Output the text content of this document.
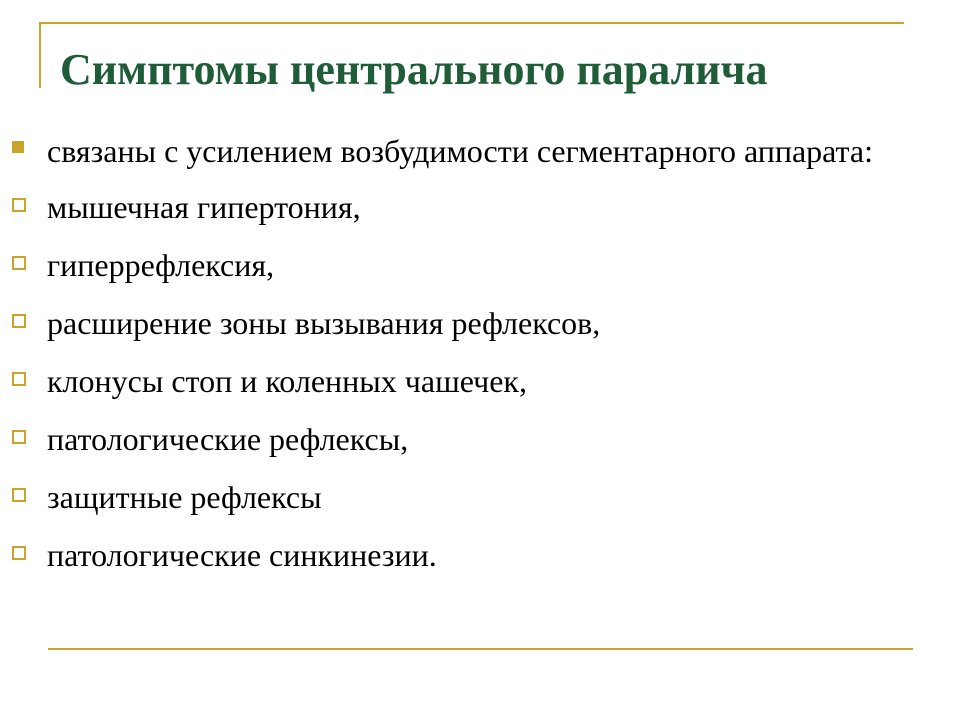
Симптомы центрального паралича
связаны с усилением возбудимости сегментарного аппарата:
мышечная гипертония,
гиперрефлексия,
расширение зоны вызывания рефлексов,
клонусы стоп и коленных чашечек,
патологические рефлексы,
защитные рефлексы
патологические синкинезии.
